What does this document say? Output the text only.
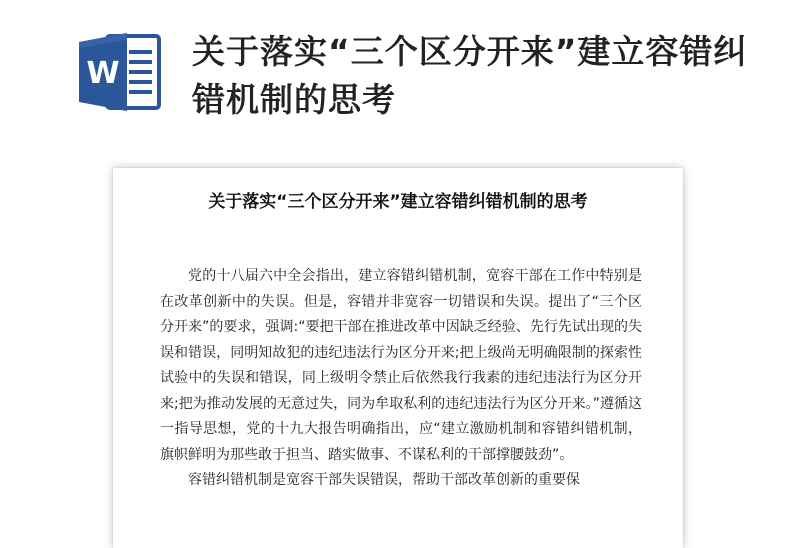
W
关于落实“三个区分开来”建立容错纠错机制的思考
关于落实“三个区分开来”建立容错纠错机制的思考

党的十八届六中全会指出，建立容错纠错机制，宽容干部在工作中特别是在改革创新中的失误。但是，容错并非宽容一切错误和失误。提出了“三个区分开来”的要求，强调:“要把干部在推进改革中因缺乏经验、先行先试出现的失误和错误，同明知故犯的违纪违法行为区分开来;把上级尚无明确限制的探索性试验中的失误和错误，同上级明令禁止后依然我行我素的违纪违法行为区分开来;把为推动发展的无意过失，同为牟取私利的违纪违法行为区分开来。”遵循这一指导思想，党的十九大报告明确指出，应“建立激励机制和容错纠错机制，旗帜鲜明为那些敢于担当、踏实做事、不谋私利的干部撑腰鼓劲”。

容错纠错机制是宽容干部失误错误，帮助干部改革创新的重要保
